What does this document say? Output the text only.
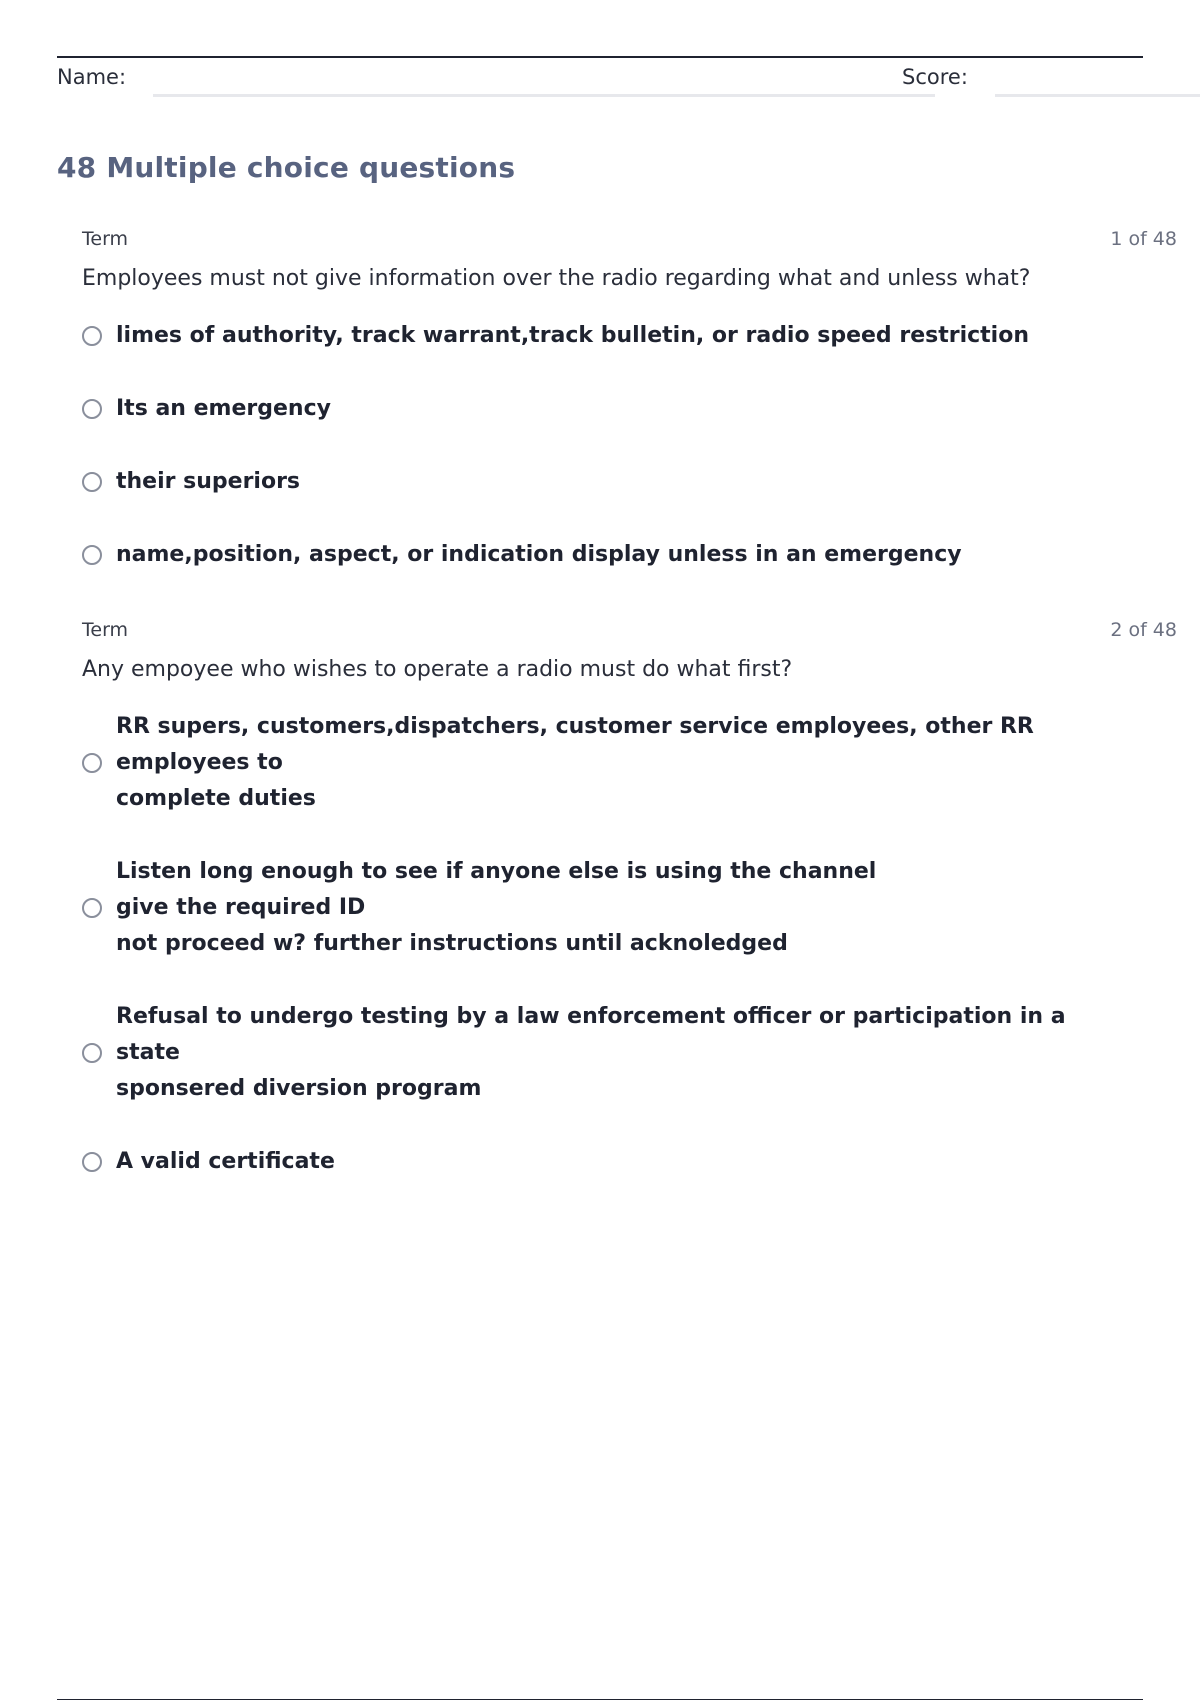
Name:	Score:
48 Multiple choice questions
Term	1 of 48
Employees must not give information over the radio regarding what and unless what?
limes of authority, track warrant,track bulletin, or radio speed restriction
Its an emergency
their superiors
name,position, aspect, or indication display unless in an emergency
Term	2 of 48
Any empoyee who wishes to operate a radio must do what first?
RR supers, customers,dispatchers, customer service employees, other RR employees to
complete duties
Listen long enough to see if anyone else is using the channel
give the required ID
not proceed w? further instructions until acknoledged
Refusal to undergo testing by a law enforcement officer or participation in a state
sponsered diversion program
A valid certificate
